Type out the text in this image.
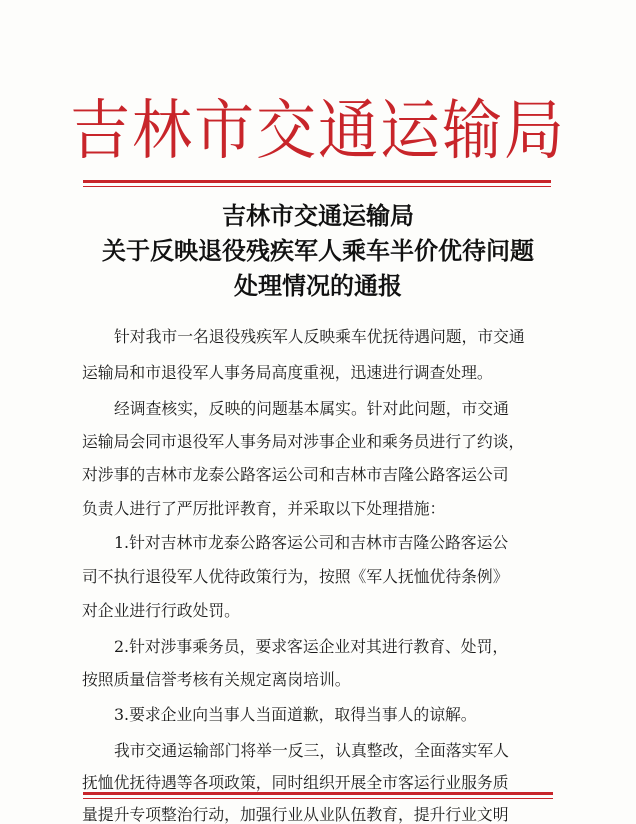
吉林市交通运输局
吉林市交通运输局
关于反映退役残疾军人乘车半价优待问题
处理情况的通报
针对我市一名退役残疾军人反映乘车优抚待遇问题，市交通
运输局和市退役军人事务局高度重视，迅速进行调查处理。
经调查核实，反映的问题基本属实。针对此问题，市交通
运输局会同市退役军人事务局对涉事企业和乘务员进行了约谈，
对涉事的吉林市龙泰公路客运公司和吉林市吉隆公路客运公司
负责人进行了严厉批评教育，并采取以下处理措施：
1.针对吉林市龙泰公路客运公司和吉林市吉隆公路客运公
司不执行退役军人优待政策行为，按照《军人抚恤优待条例》
对企业进行行政处罚。
2.针对涉事乘务员，要求客运企业对其进行教育、处罚，
按照质量信誉考核有关规定离岗培训。
3.要求企业向当事人当面道歉，取得当事人的谅解。
我市交通运输部门将举一反三，认真整改，全面落实军人
抚恤优抚待遇等各项政策，同时组织开展全市客运行业服务质
量提升专项整治行动，加强行业从业队伍教育，提升行业文明
